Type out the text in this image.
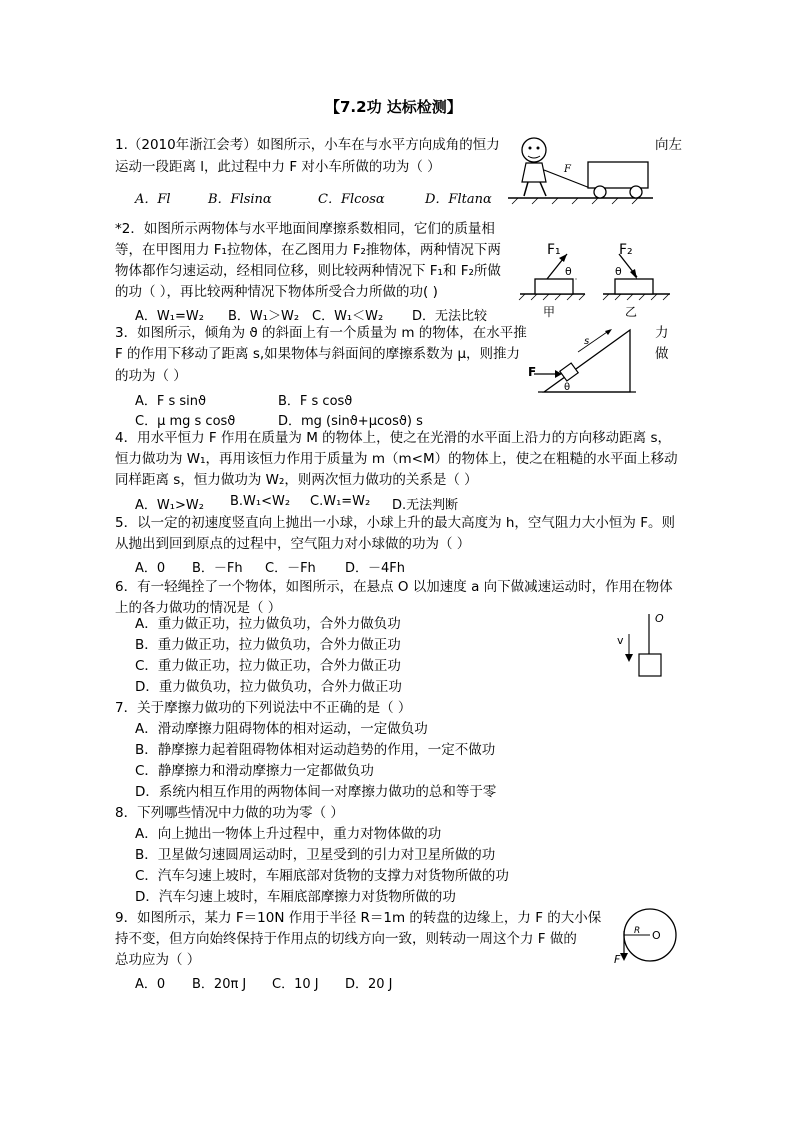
【7.2功 达标检测】
1.（2010年浙江会考）如图所示，小车在与水平方向成角的恒力	向左
运动一段距离 l，此过程中力 F 对小车所做的功为（ ）
A．Fl	B．Flsinα	C．Flcosα	D．Fltanα
F
*2．如图所示两物体与水平地面间摩擦系数相同，它们的质量相
等，在甲图用力 F₁拉物体，在乙图用力 F₂推物体，两种情况下两
物体都作匀速运动，经相同位移，则比较两种情况下 F₁和 F₂所做
的功（ ），再比较两种情况下物体所受合力所做的功( )
A．W₁=W₂ B．W₁＞W₂ C．W₁＜W₂ D．无法比较
F₁
θ
F₂
θ
甲	乙
3．如图所示，倾角为 ϑ 的斜面上有一个质量为 m 的物体，在水平推	力
F 的作用下移动了距离 s,如果物体与斜面间的摩擦系数为 μ，则推力	做
的功为（ ）
A．F s sinϑ	B．F s cosϑ
C．μ mg s cosϑ	D．mg (sinϑ+μcosϑ) s
F
s
θ
4．用水平恒力 F 作用在质量为 M 的物体上，使之在光滑的水平面上沿力的方向移动距离 s，
恒力做功为 W₁，再用该恒力作用于质量为 m（m<M）的物体上，使之在粗糙的水平面上移动
同样距离 s，恒力做功为 W₂，则两次恒力做功的关系是（ ）
A．W₁>W₂ B.W₁<W₂ C.W₁=W₂ D.无法判断
5．以一定的初速度竖直向上抛出一小球，小球上升的最大高度为 h，空气阻力大小恒为 F。则
从抛出到回到原点的过程中，空气阻力对小球做的功为（ ）
A．0 B．－Fh C．－Fh D．－4Fh
6．有一轻绳拴了一个物体，如图所示，在悬点 O 以加速度 a 向下做减速运动时，作用在物体
上的各力做功的情况是（ ）
A．重力做正功，拉力做负功，合外力做负功
B．重力做正功，拉力做负功，合外力做正功
C．重力做正功，拉力做正功，合外力做正功
D．重力做负功，拉力做负功，合外力做正功
O
v
7．关于摩擦力做功的下列说法中不正确的是（ ）
A．滑动摩擦力阻碍物体的相对运动，一定做负功
B．静摩擦力起着阻碍物体相对运动趋势的作用，一定不做功
C．静摩擦力和滑动摩擦力一定都做负功
D．系统内相互作用的两物体间一对摩擦力做功的总和等于零
8．下列哪些情况中力做的功为零（ ）
A．向上抛出一物体上升过程中，重力对物体做的功
B．卫星做匀速圆周运动时，卫星受到的引力对卫星所做的功
C．汽车匀速上坡时，车厢底部对货物的支撑力对货物所做的功
D．汽车匀速上坡时，车厢底部摩擦力对货物所做的功
9．如图所示，某力 F＝10N 作用于半径 R＝1m 的转盘的边缘上，力 F 的大小保
持不变，但方向始终保持于作用点的切线方向一致，则转动一周这个力 F 做的
总功应为（ ）
A．0 B．20π J C．10 J D．20 J
R O
F
